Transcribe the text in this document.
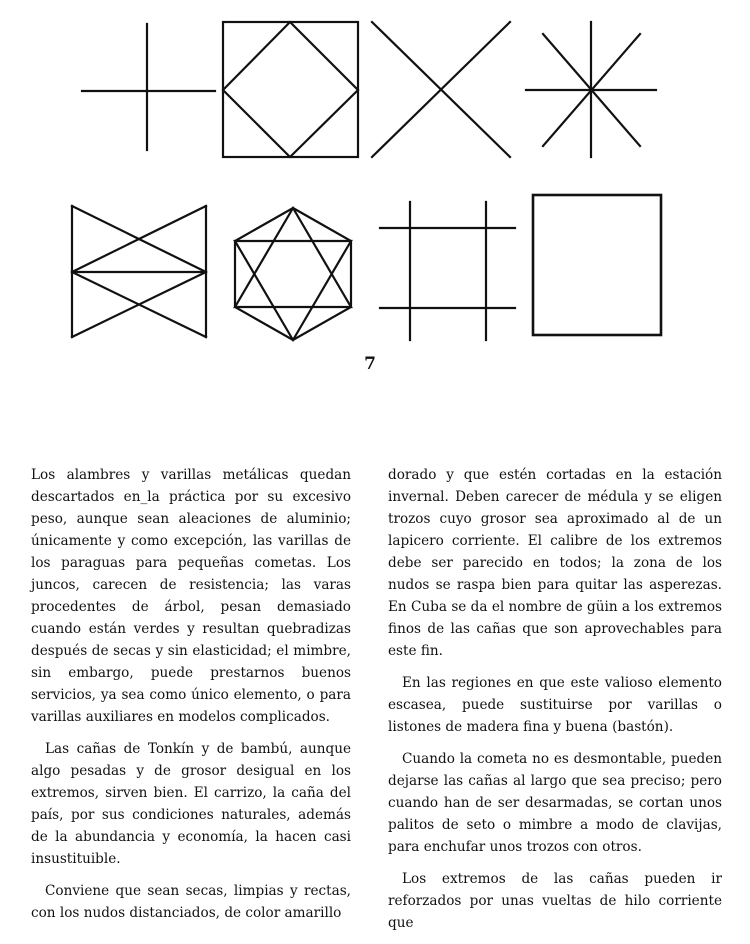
7

Los alambres y varillas metálicas quedan descartados en_la práctica por su excesivo peso, aunque sean aleaciones de aluminio; únicamente y como excepción, las varillas de los paraguas para pequeñas cometas. Los juncos, carecen de resistencia; las varas procedentes de árbol, pesan demasiado cuando están verdes y resultan quebradizas después de secas y sin elasticidad; el mimbre, sin embargo, puede prestarnos buenos servicios, ya sea como único elemento, o para varillas auxiliares en modelos complicados.

Las cañas de Tonkín y de bambú, aunque algo pesadas y de grosor desigual en los extremos, sirven bien. El carrizo, la caña del país, por sus condiciones naturales, además de la abundancia y economía, la hacen casi insustituible.

Conviene que sean secas, limpias y rectas, con los nudos distanciados, de color amarillo

dorado y que estén cortadas en la estación invernal. Deben carecer de médula y se eligen trozos cuyo grosor sea aproximado al de un lapicero corriente. El calibre de los extremos debe ser parecido en todos; la zona de los nudos se raspa bien para quitar las asperezas. En Cuba se da el nombre de güin a los extremos finos de las cañas que son aprovechables para este fin.

En las regiones en que este valioso elemento escasea, puede sustituirse por varillas o listones de madera fina y buena (bastón).

Cuando la cometa no es desmontable, pueden dejarse las cañas al largo que sea preciso; pero cuando han de ser desarmadas, se cortan unos palitos de seto o mimbre a modo de clavijas, para enchufar unos trozos con otros.

Los extremos de las cañas pueden ir reforzados por unas vueltas de hilo corriente que
